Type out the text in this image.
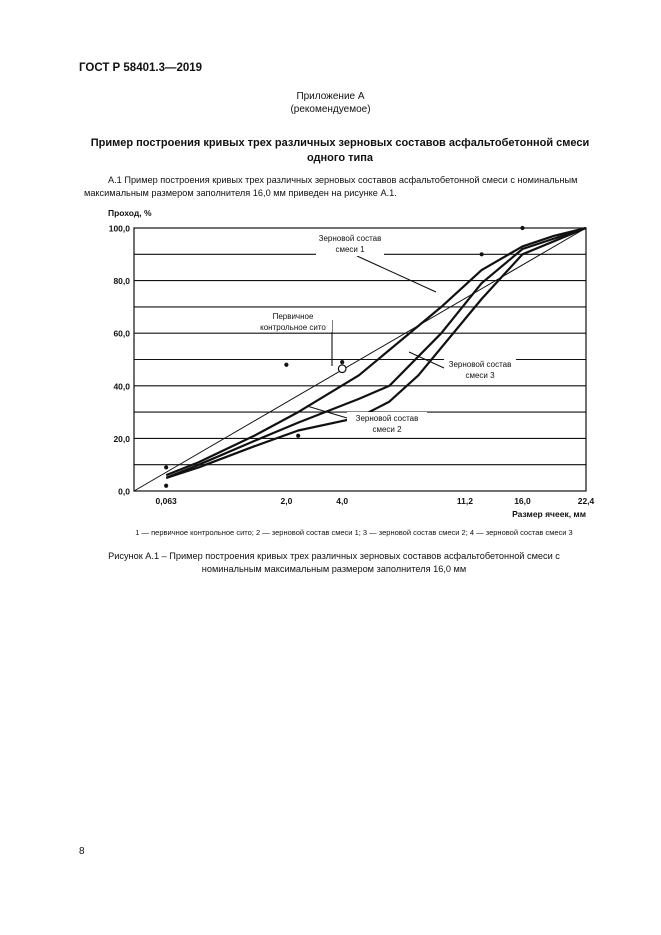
ГОСТ Р 58401.3—2019
Приложение А
(рекомендуемое)
Пример построения кривых трех различных зерновых составов асфальтобетонной смеси одного типа
А.1 Пример построения кривых трех различных зерновых составов асфальтобетонной смеси с номинальным максимальным размером заполнителя 16,0 мм приведен на рисунке А.1.
0,0
20,0
40,0
60,0
80,0
100,0
0,063	2,0	4,0	11,2	16,0	22,4
Проход, %
Размер ячеек, мм
Зерновой состав
смеси 1
Первичное
контрольное сито
Зерновой состав
смеси 3
Зерновой состав
смеси 2
1 — первичное контрольное сито; 2 — зерновой состав смеси 1; 3 — зерновой состав смеси 2; 4 — зерновой состав смеси 3
Рисунок А.1 – Пример построения кривых трех различных зерновых составов асфальтобетонной смеси с номинальным максимальным размером заполнителя 16,0 мм
8
